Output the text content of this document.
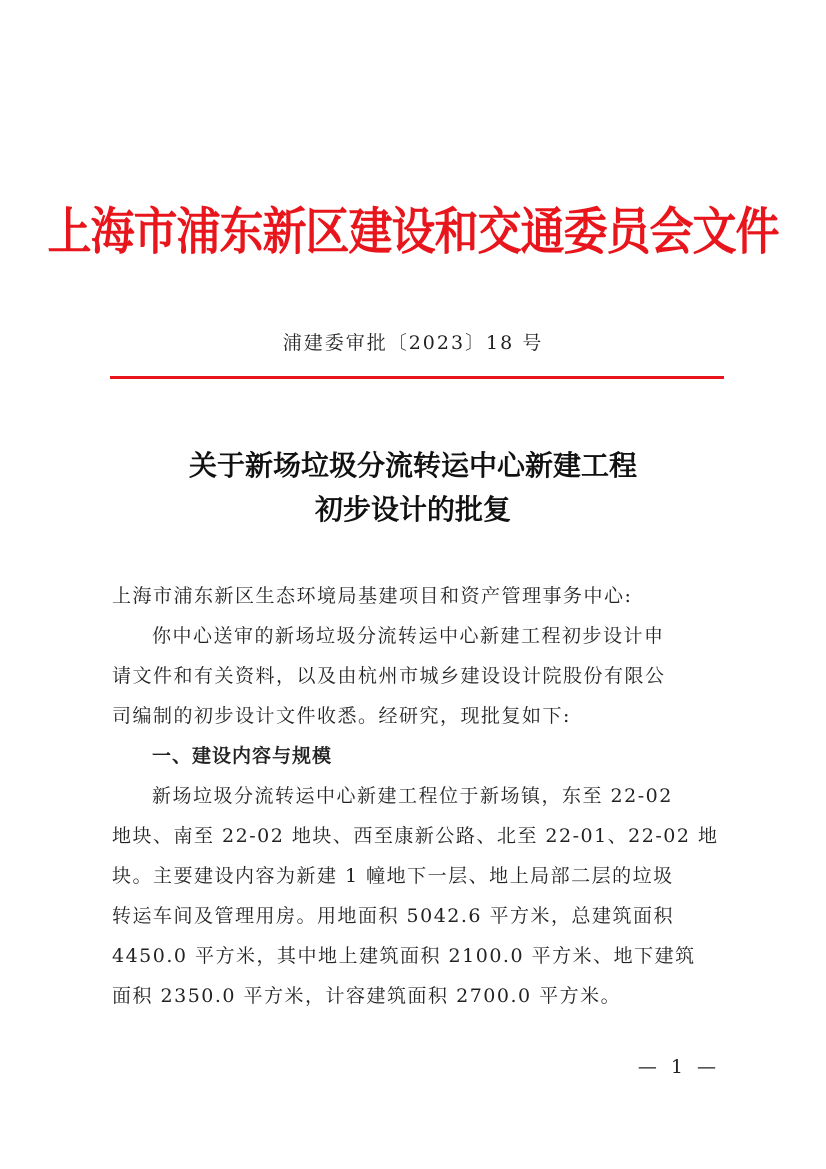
上海市浦东新区建设和交通委员会文件
浦建委审批〔2023〕18 号
关于新场垃圾分流转运中心新建工程
初步设计的批复
上海市浦东新区生态环境局基建项目和资产管理事务中心:
你中心送审的新场垃圾分流转运中心新建工程初步设计申
请文件和有关资料，以及由杭州市城乡建设设计院股份有限公
司编制的初步设计文件收悉。经研究，现批复如下:
一、建设内容与规模
新场垃圾分流转运中心新建工程位于新场镇，东至 22-02
地块、南至 22-02 地块、西至康新公路、北至 22-01、22-02 地
块。主要建设内容为新建 1 幢地下一层、地上局部二层的垃圾
转运车间及管理用房。用地面积 5042.6 平方米，总建筑面积
4450.0 平方米，其中地上建筑面积 2100.0 平方米、地下建筑
面积 2350.0 平方米，计容建筑面积 2700.0 平方米。
— 1 —
